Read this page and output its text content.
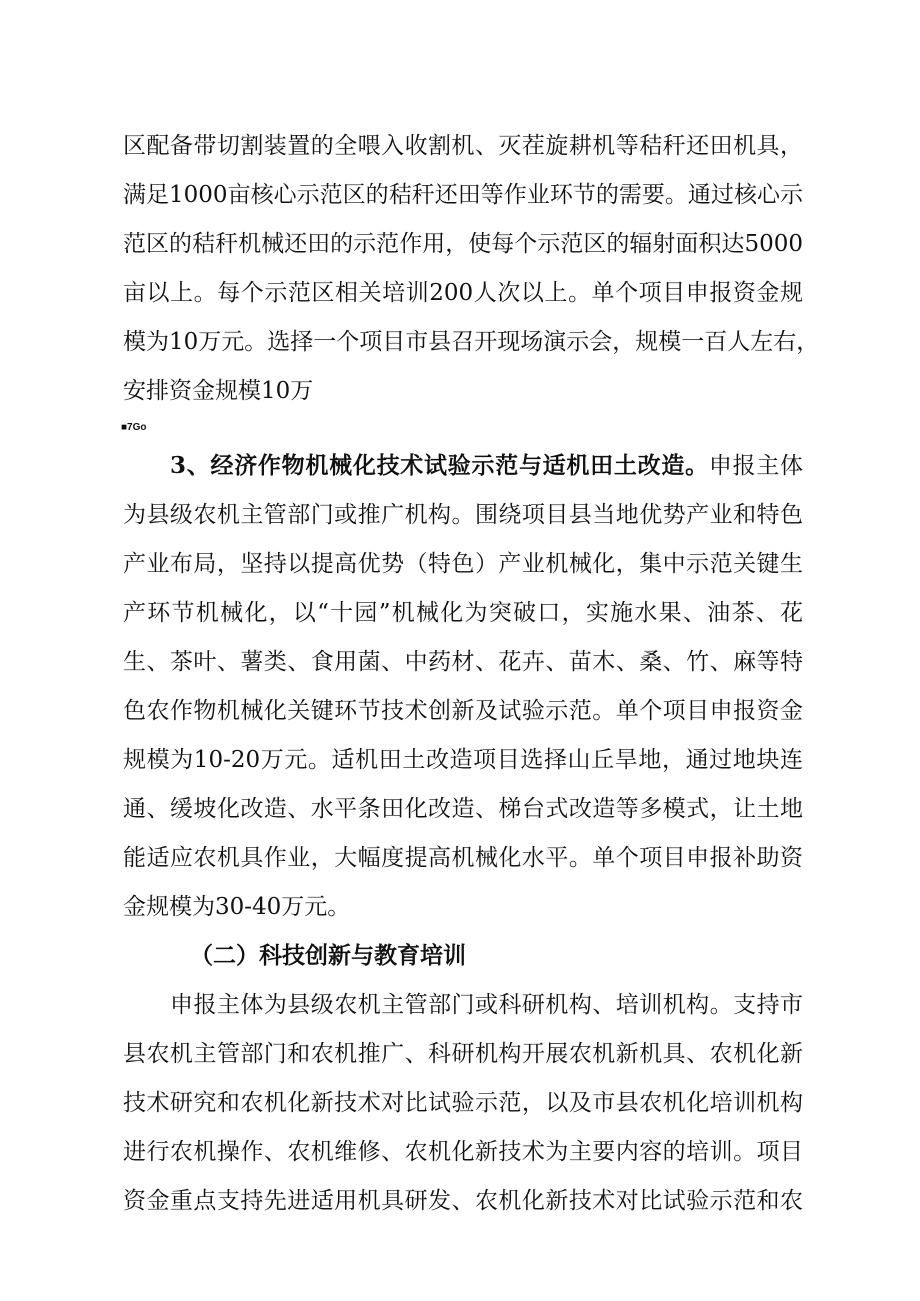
区配备带切割装置的全喂入收割机、灭茬旋耕机等秸秆还田机具，
满足1000亩核心示范区的秸秆还田等作业环节的需要。通过核心示
范区的秸秆机械还田的示范作用，使每个示范区的辐射面积达5000
亩以上。每个示范区相关培训200人次以上。单个项目申报资金规
模为10万元。选择一个项目市县召开现场演示会，规模一百人左右，
安排资金规模10万
■7Go
3、经济作物机械化技术试验示范与适机田土改造。申报主体
为县级农机主管部门或推广机构。围绕项目县当地优势产业和特色
产业布局，坚持以提高优势（特色）产业机械化，集中示范关键生
产环节机械化，以“十园”机械化为突破口，实施水果、油茶、花
生、茶叶、薯类、食用菌、中药材、花卉、苗木、桑、竹、麻等特
色农作物机械化关键环节技术创新及试验示范。单个项目申报资金
规模为10-20万元。适机田土改造项目选择山丘旱地，通过地块连
通、缓坡化改造、水平条田化改造、梯台式改造等多模式，让土地
能适应农机具作业，大幅度提高机械化水平。单个项目申报补助资
金规模为30-40万元。
（二）科技创新与教育培训
申报主体为县级农机主管部门或科研机构、培训机构。支持市
县农机主管部门和农机推广、科研机构开展农机新机具、农机化新
技术研究和农机化新技术对比试验示范，以及市县农机化培训机构
进行农机操作、农机维修、农机化新技术为主要内容的培训。项目
资金重点支持先进适用机具研发、农机化新技术对比试验示范和农
